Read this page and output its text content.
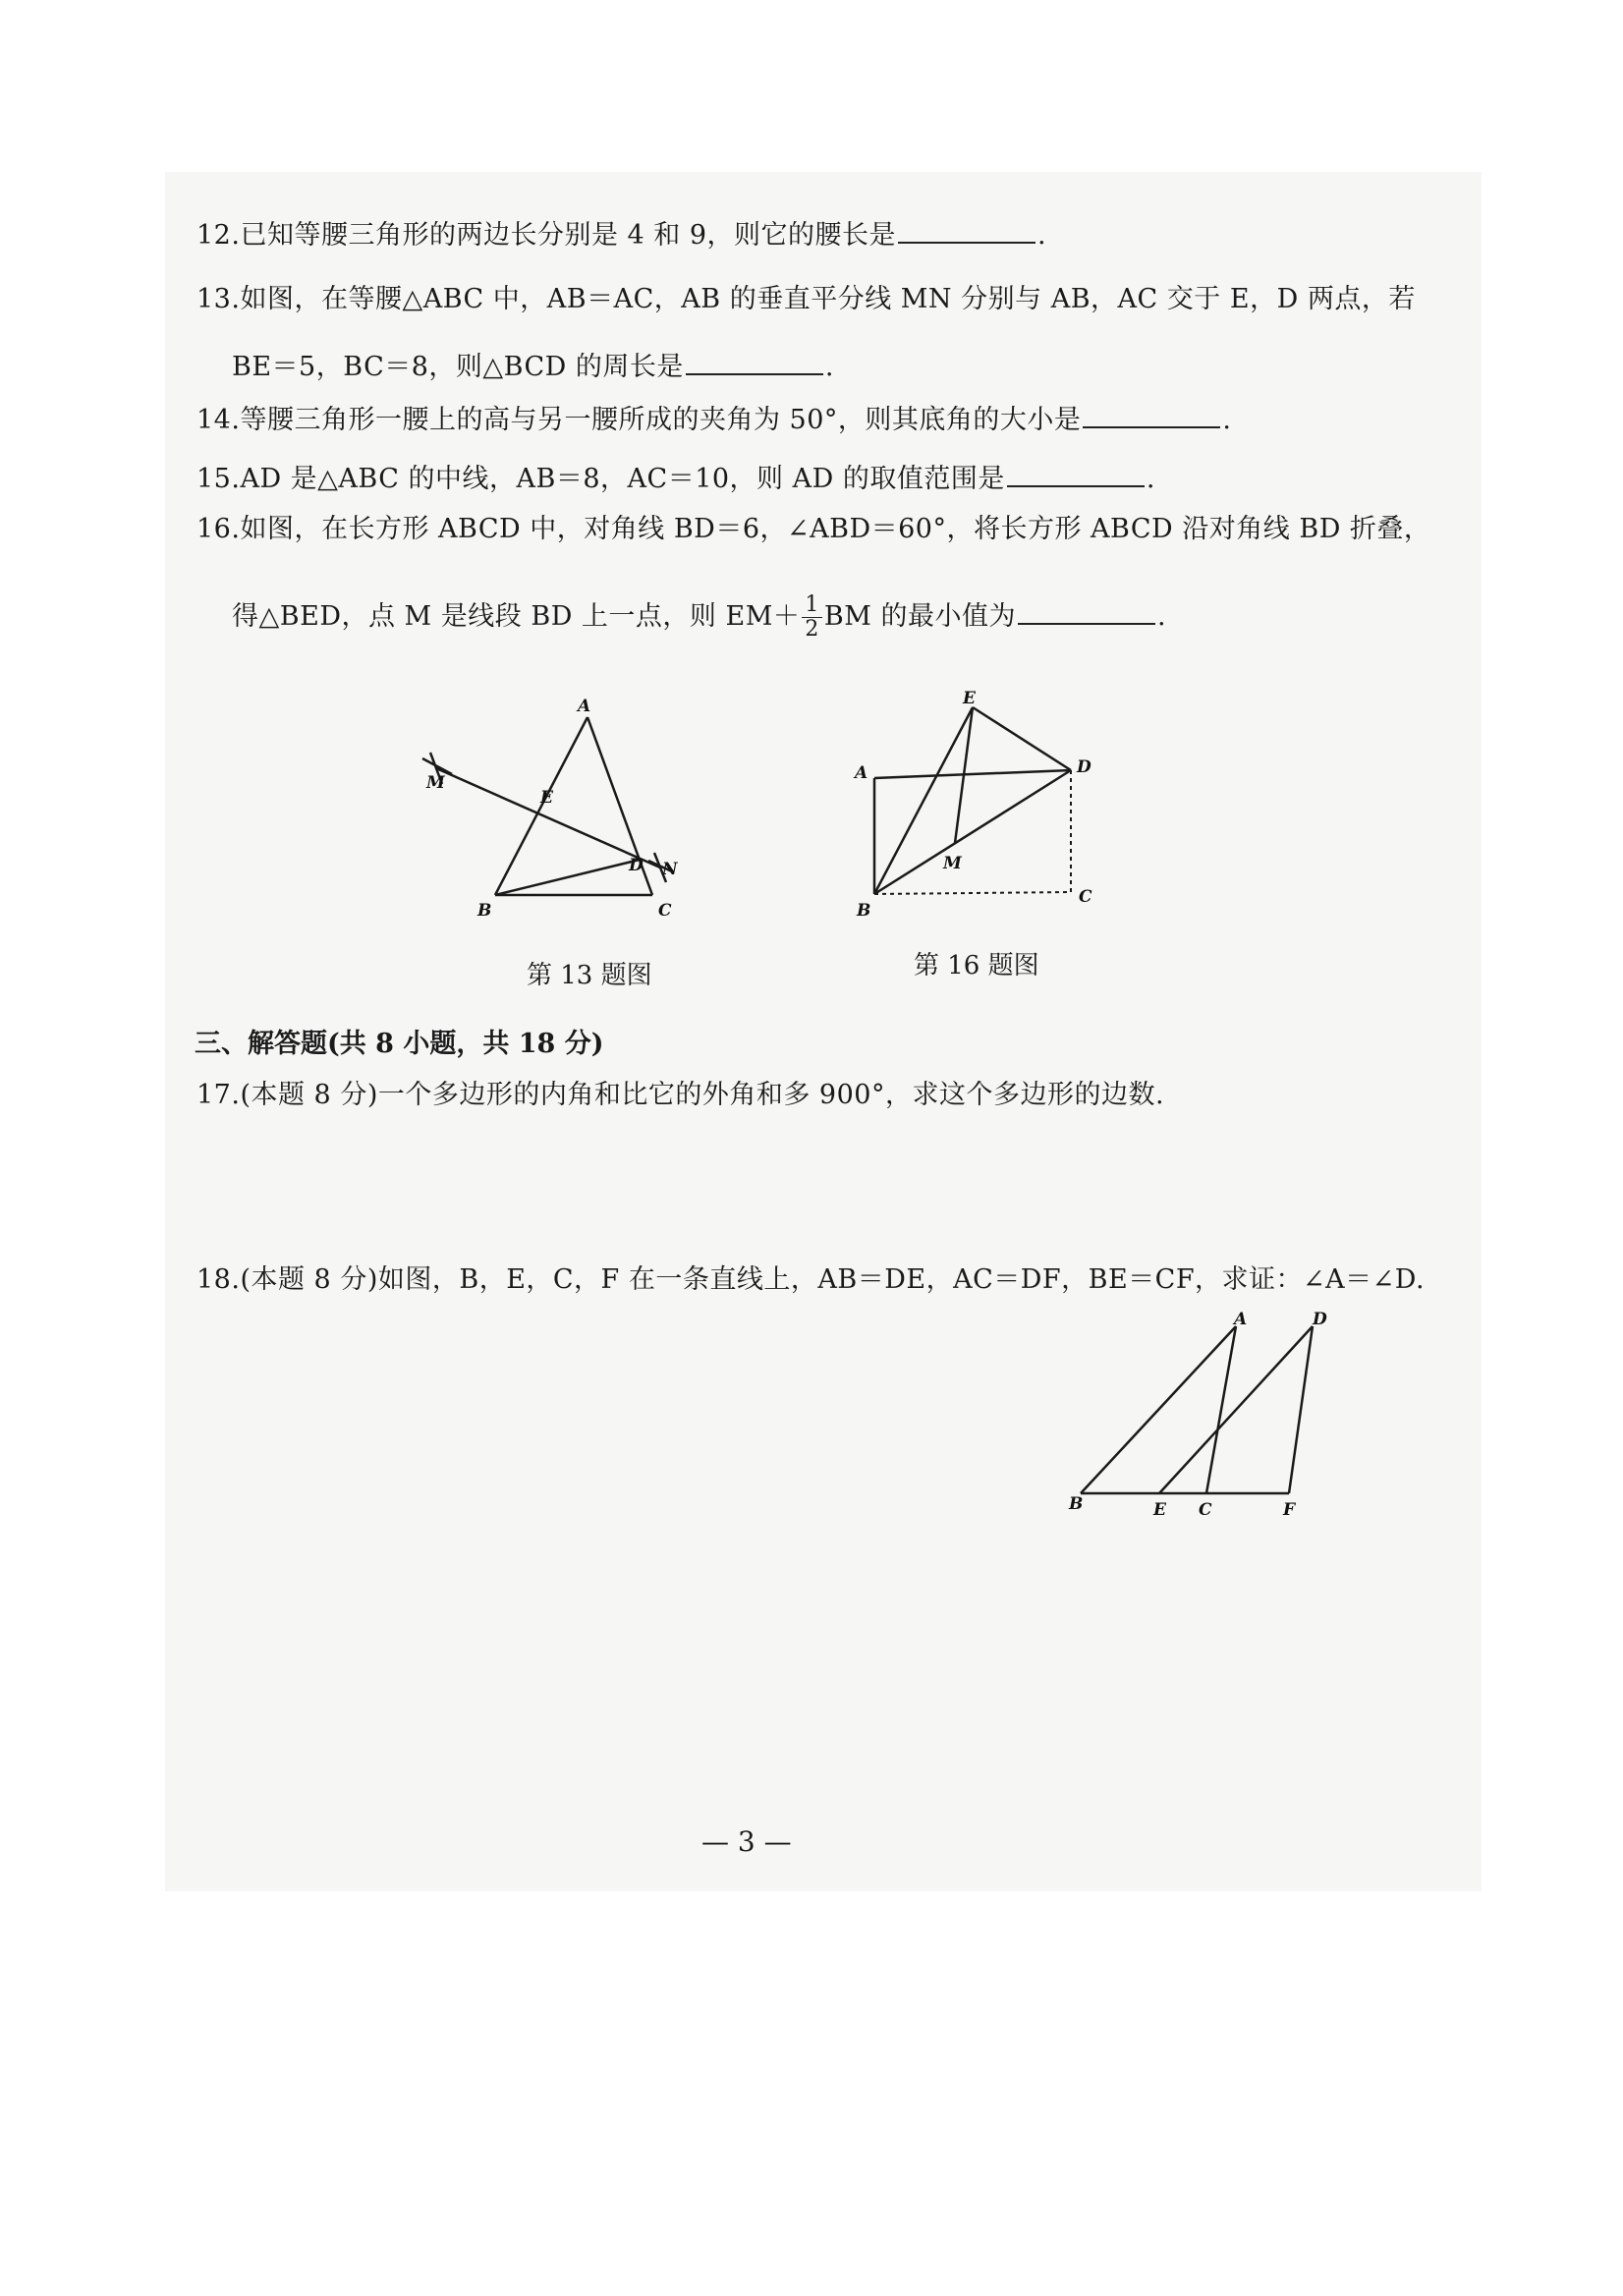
12.已知等腰三角形的两边长分别是 4 和 9，则它的腰长是	.
13.如图，在等腰△ABC 中，AB＝AC，AB 的垂直平分线 MN 分别与 AB，AC 交于 E，D 两点，若
BE＝5，BC＝8，则△BCD 的周长是	.
14.等腰三角形一腰上的高与另一腰所成的夹角为 50°，则其底角的大小是	.
15.AD 是△ABC 的中线，AB＝8，AC＝10，则 AD 的取值范围是	.
16.如图，在长方形 ABCD 中，对角线 BD＝6，∠ABD＝60°，将长方形 ABCD 沿对角线 BD 折叠，
得△BED，点 M 是线段 BD 上一点，则 $EM+ \frac{1}{2}$ BM 的最小值为	.
A
B	C
D
E
M
N
第 13 题图
A
B
C
D
E
M
第 16 题图
三、解答题(共 8 小题，共 18 分)
17.(本题 8 分)一个多边形的内角和比它的外角和多 900°，求这个多边形的边数.
18.(本题 8 分)如图，B，E，C，F 在一条直线上，AB＝DE，AC＝DF，BE＝CF，求证：∠A＝∠D.
A
B	E C	F
D
— 3 —
